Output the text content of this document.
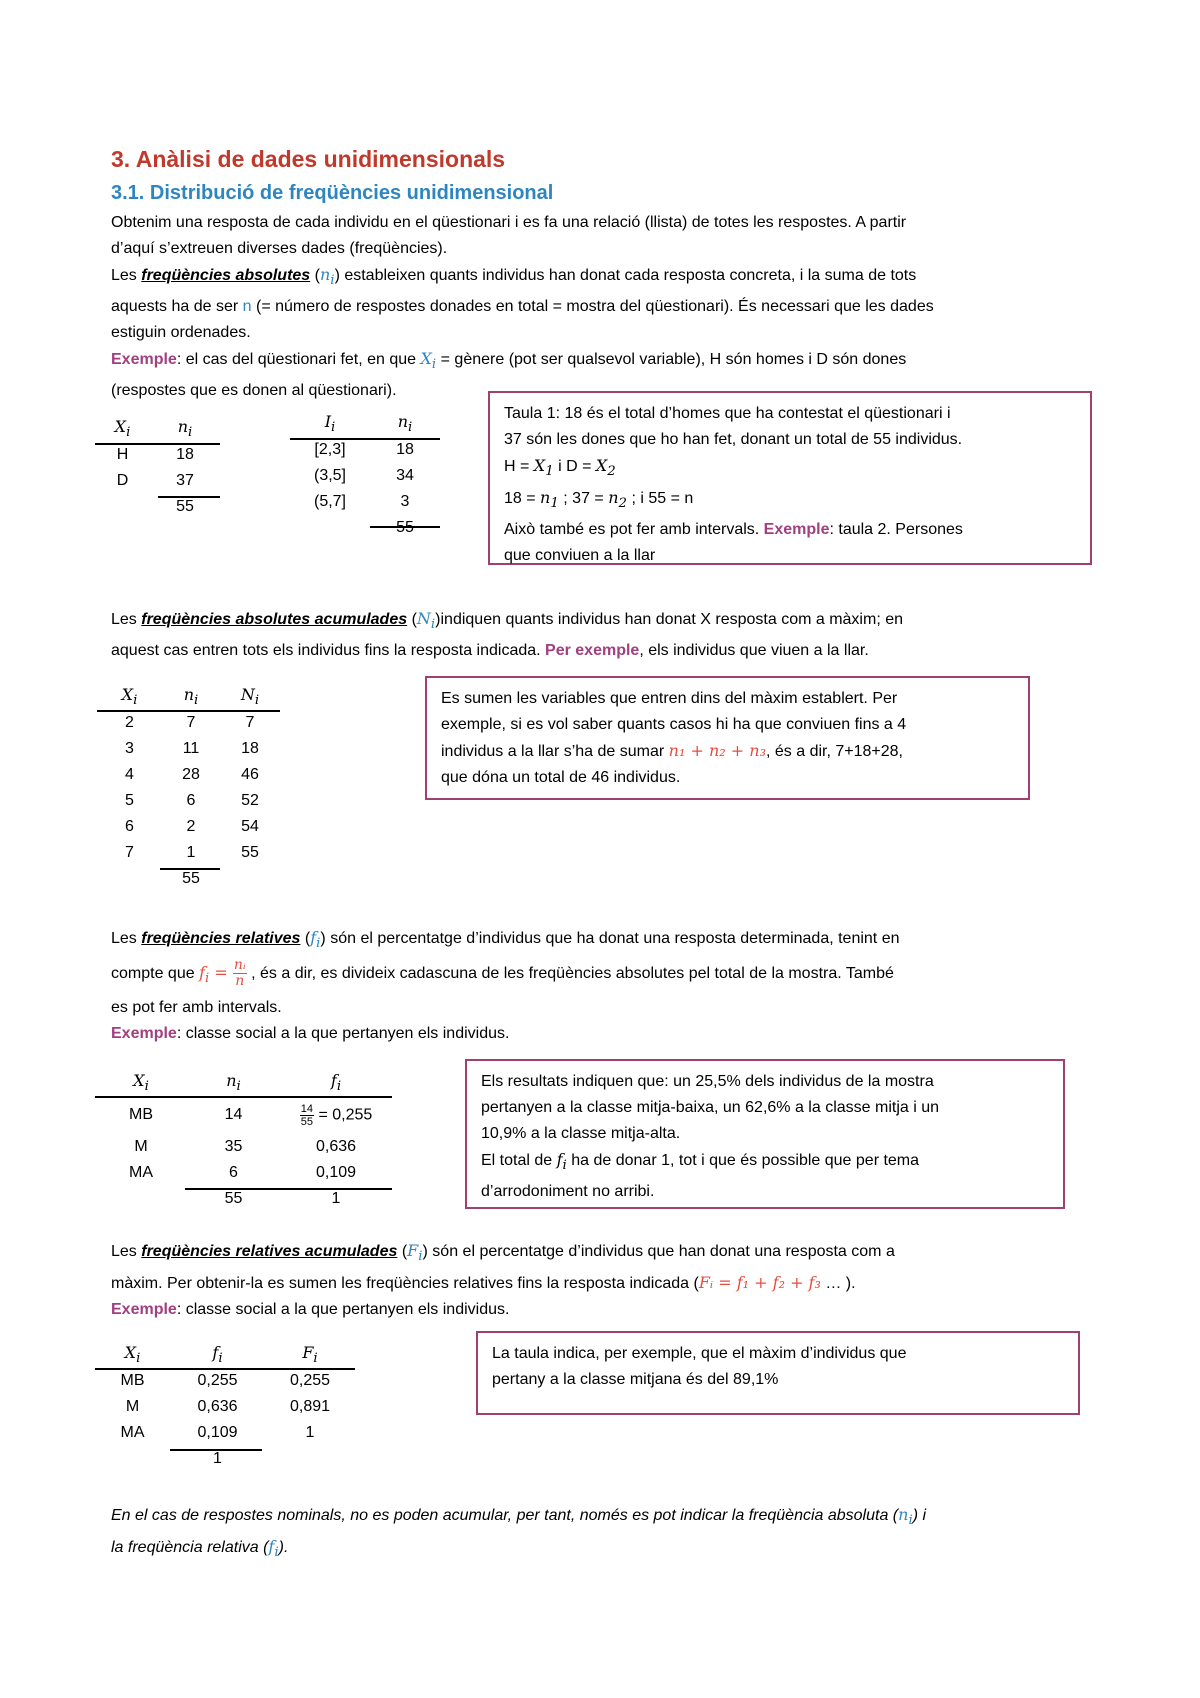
3. Anàlisi de dades unidimensionals
3.1. Distribució de freqüències unidimensional
Obtenim una resposta de cada individu en el qüestionari i es fa una relació (llista) de totes les respostes. A partir
d’aquí s’extreuen diverses dades (freqüències).
Les freqüències absolutes $(n_i)$ estableixen quants individus han donat cada resposta concreta, i la suma de tots
aquests ha de ser n (= número de respostes donades en total = mostra del qüestionari). És necessari que les dades
estiguin ordenades.
Exemple: el cas del qüestionari fet, en que $X_i$ = gènere (pot ser qualsevol variable), H són homes i D són dones
(respostes que es donen al qüestionari).
$X_i$	$n_i$
H	18
D	37
	55
$I_i$	$n_i$
[2,3]	18
(3,5]	34
(5,7]	3
	55
Taula 1: 18 és el total d’homes que ha contestat el qüestionari i
37 són les dones que ho han fet, donant un total de 55 individus.
$H = X_1$ i $D = X_2$
$18 = n_1$ ; $37 = n_2$ ; i 55 = n
Això també es pot fer amb intervals. Exemple: taula 2. Persones
que conviuen a la llar
Les freqüències absolutes acumulades $(N_i)indiquen$ quants individus han donat X resposta com a màxim; en
aquest cas entren tots els individus fins la resposta indicada. Per exemple, els individus que viuen a la llar.
$X_i$	$n_i$	$N_i$
2	7	7
3	11	18
4	28	46
5	6	52
6	2	54
7	1	55
	55	
Es sumen les variables que entren dins del màxim establert. Per
exemple, si es vol saber quants casos hi ha que conviuen fins a 4
individus a la llar s’ha de sumar n₁ + n₂ + n₃, és a dir, 7+18+28,
que dóna un total de 46 individus.
Les freqüències relatives $(f_i)$ són el percentatge d’individus que ha donat una resposta determinada, tenint en
compte que $f_i = \frac{\text{nᵢ}}{n}$ , és a dir, es divideix cadascuna de les freqüències absolutes pel total de la mostra. També
es pot fer amb intervals.
Exemple: classe social a la que pertanyen els individus.
$X_i$	$n_i$	$f_i$
MB	14	$\frac{14}{55} = 0,255$
M	35	0,636
MA	6	0,109
	55	1
Els resultats indiquen que: un 25,5% dels individus de la mostra
pertanyen a la classe mitja-baixa, un 62,6% a la classe mitja i un
10,9% a la classe mitja-alta.
El total de $f_i$ ha de donar 1, tot i que és possible que per tema
d’arrodoniment no arribi.
Les freqüències relatives acumulades $(F_i)$ són el percentatge d’individus que han donat una resposta com a
màxim. Per obtenir-la es sumen les freqüències relatives fins la resposta indicada (Fᵢ = f₁ + f₂ + f₃ … ).
Exemple: classe social a la que pertanyen els individus.
$X_i$	$f_i$	$F_i$
MB	0,255	0,255
M	0,636	0,891
MA	0,109	1
	1	
La taula indica, per exemple, que el màxim d’individus que
pertany a la classe mitjana és del 89,1%
En el cas de respostes nominals, no es poden acumular, per tant, només es pot indicar la freqüència absoluta $(n_i)$ i
la freqüència relativa $(f_i)$.
